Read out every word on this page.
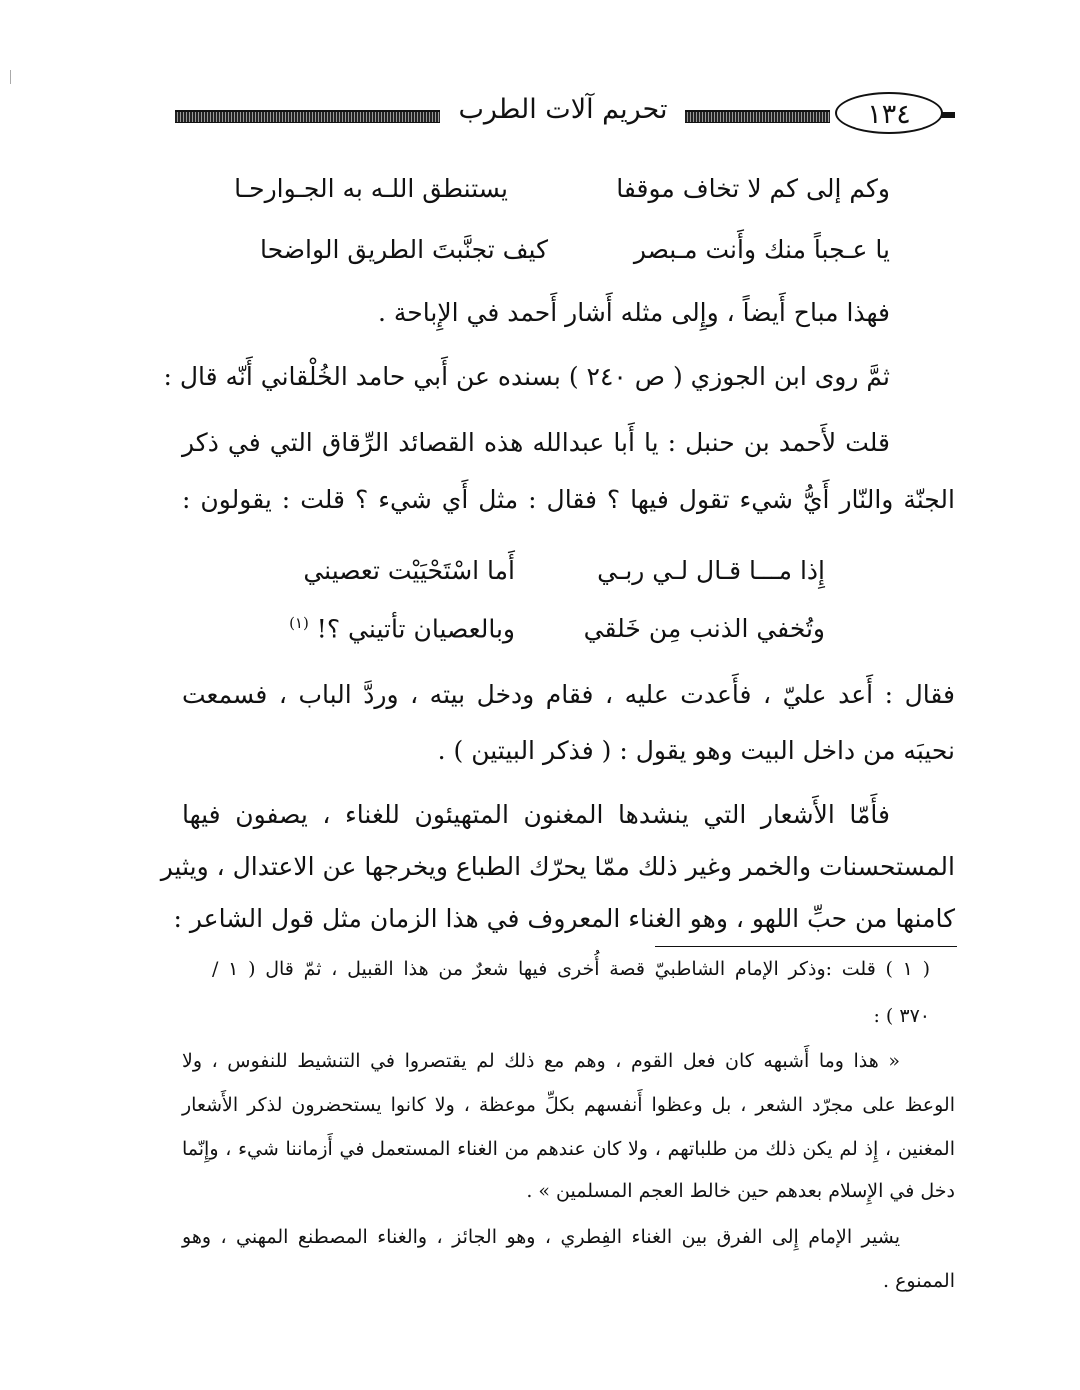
تحريم آلات الطرب	١٣٤
وكم إلى كم لا تخاف موقفا
يستنطق اللـه به الجـوارحـا
يا عـجباً منك وأَنت مـبصر
كيف تجنَّبتَ الطريق الواضحا
فهذا مباح أَيضاً ، وإِلى مثله أَشار أَحمد في الإِباحة .
ثمَّ روى ابن الجوزي ( ص ٢٤٠ ) بسنده عن أَبي حامد الخُلْقاني أَنّه قال :
قلت لأَحمد بن حنبل : يا أَبا عبدالله هذه القصائد الرِّقاق التي في ذكر
الجنّة والنّار أَيُّ شيء تقول فيها ؟ فقال : مثل أَي شيء ؟ قلت : يقولون :
إِذا مـــا قـال لـي ربـي
أَما اسْتَحْيَيْت تعصيني
وتُخفي الذنب مِن خَلقي
وبالعصيان تأتيني ؟! $^{(١)}$
فقال : أَعد عليّ ، فأَعدت عليه ، فقام ودخل بيته ، وردَّ الباب ، فسمعت
نحيبَه من داخل البيت وهو يقول : ( فذكر البيتين ) .
فأَمّا الأَشعار التي ينشدها المغنون المتهيئون للغناء ، يصفون فيها
المستحسنات والخمر وغير ذلك ممّا يحرّك الطباع ويخرجها عن الاعتدال ، ويثير
كامنها من حبِّ اللهو ، وهو الغناء المعروف في هذا الزمان مثل قول الشاعر :
( ١ ) قلت :وذكر الإمام الشاطبيّ قصة أُخرى فيها شعرٌ من هذا القبيل ، ثمّ قال ( ١ /
٣٧٠ ) :
« هذا وما أَشبهه كان فعل القوم ، وهم مع ذلك لم يقتصروا في التنشيط للنفوس ، ولا
الوعظ على مجرّد الشعر ، بل وعظوا أَنفسهم بكلِّ موعظة ، ولا كانوا يستحضرون لذكر الأَشعار
المغنين ، إِذ لم يكن ذلك من طلباتهم ، ولا كان عندهم من الغناء المستعمل في أَزماننا شيء ، وإِنّما
دخل في الإِسلام بعدهم حين خالط العجم المسلمين » .
يشير الإمام إِلى الفرق بين الغناء الفِطري ، وهو الجائز ، والغناء المصطنع المهني ، وهو
الممنوع .
